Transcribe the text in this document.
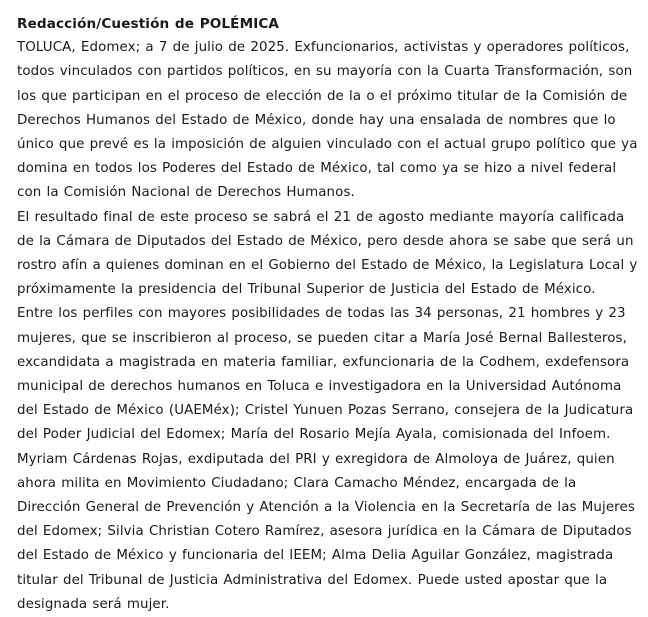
Redacción/Cuestión de POLÉMICA

TOLUCA, Edomex; a 7 de julio de 2025. Exfuncionarios, activistas y operadores políticos, todos vinculados con partidos políticos, en su mayoría con la Cuarta Transformación, son los que participan en el proceso de elección de la o el próximo titular de la Comisión de Derechos Humanos del Estado de México, donde hay una ensalada de nombres que lo único que prevé es la imposición de alguien vinculado con el actual grupo político que ya domina en todos los Poderes del Estado de México, tal como ya se hizo a nivel federal con la Comisión Nacional de Derechos Humanos.

El resultado final de este proceso se sabrá el 21 de agosto mediante mayoría calificada de la Cámara de Diputados del Estado de México, pero desde ahora se sabe que será un rostro afín a quienes dominan en el Gobierno del Estado de México, la Legislatura Local y próximamente la presidencia del Tribunal Superior de Justicia del Estado de México.

Entre los perfiles con mayores posibilidades de todas las 34 personas, 21 hombres y 23 mujeres, que se inscribieron al proceso, se pueden citar a María José Bernal Ballesteros, excandidata a magistrada en materia familiar, exfuncionaria de la Codhem, exdefensora municipal de derechos humanos en Toluca e investigadora en la Universidad Autónoma del Estado de México (UAEMéx); Cristel Yunuen Pozas Serrano, consejera de la Judicatura del Poder Judicial del Edomex; María del Rosario Mejía Ayala, comisionada del Infoem.

Myriam Cárdenas Rojas, exdiputada del PRI y exregidora de Almoloya de Juárez, quien ahora milita en Movimiento Ciudadano; Clara Camacho Méndez, encargada de la Dirección General de Prevención y Atención a la Violencia en la Secretaría de las Mujeres del Edomex; Silvia Christian Cotero Ramírez, asesora jurídica en la Cámara de Diputados del Estado de México y funcionaria del IEEM; Alma Delia Aguilar González, magistrada titular del Tribunal de Justicia Administrativa del Edomex. Puede usted apostar que la designada será mujer.
